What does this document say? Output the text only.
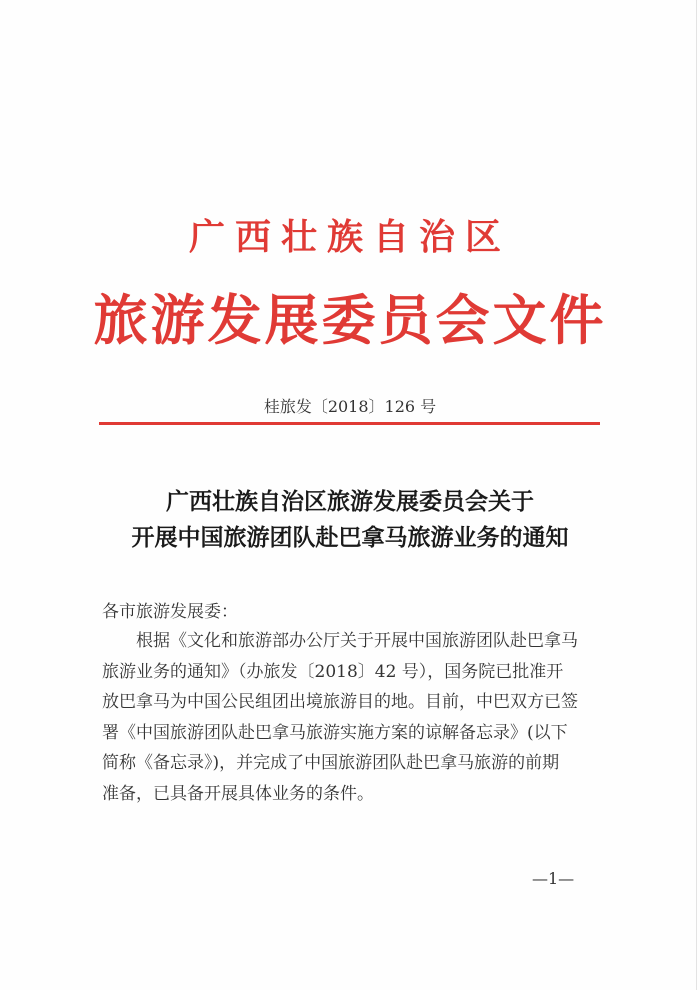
广西壮族自治区
旅游发展委员会文件
桂旅发〔2018〕126 号
广西壮族自治区旅游发展委员会关于
开展中国旅游团队赴巴拿马旅游业务的通知
各市旅游发展委：
根据《文化和旅游部办公厅关于开展中国旅游团队赴巴拿马
旅游业务的通知》（办旅发〔2018〕42 号），国务院已批准开
放巴拿马为中国公民组团出境旅游目的地。目前，中巴双方已签
署《中国旅游团队赴巴拿马旅游实施方案的谅解备忘录》(以下
简称《备忘录》)，并完成了中国旅游团队赴巴拿马旅游的前期
准备，已具备开展具体业务的条件。
—1—
